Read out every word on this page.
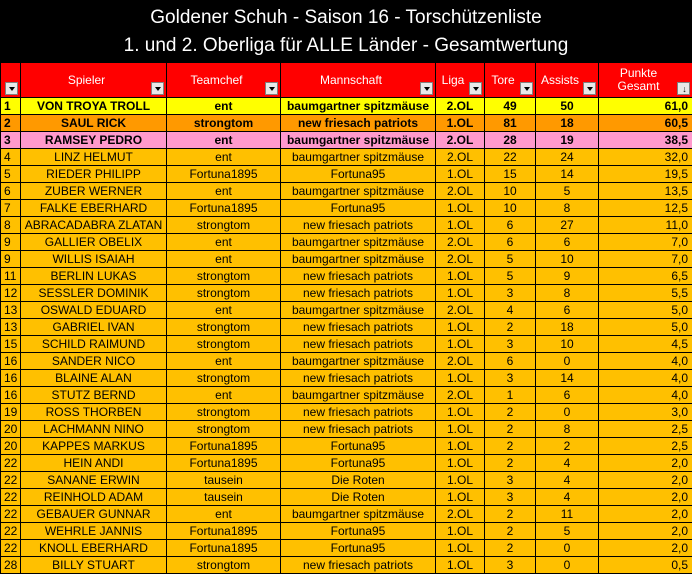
Goldener Schuh - Saison 16 - Torschützenliste
1. und 2. Oberliga für ALLE Länder - Gesamtwertung

	Spieler	Teamchef	Mannschaft	Liga	Tore	Assists	Punkte Gesamt
↓

1	VON TROYA TROLL	ent	baumgartner spitzmäuse	2.OL	49	50	61,0
2	SAUL RICK	strongtom	new friesach patriots	1.OL	81	18	60,5
3	RAMSEY PEDRO	ent	baumgartner spitzmäuse	2.OL	28	19	38,5
4	LINZ HELMUT	ent	baumgartner spitzmäuse	2.OL	22	24	32,0
5	RIEDER PHILIPP	Fortuna1895	Fortuna95	1.OL	15	14	19,5
6	ZUBER WERNER	ent	baumgartner spitzmäuse	2.OL	10	5	13,5
7	FALKE EBERHARD	Fortuna1895	Fortuna95	1.OL	10	8	12,5
8	ABRACADABRA ZLATAN	strongtom	new friesach patriots	1.OL	6	27	11,0
9	GALLIER OBELIX	ent	baumgartner spitzmäuse	2.OL	6	6	7,0
9	WILLIS ISAIAH	ent	baumgartner spitzmäuse	2.OL	5	10	7,0
11	BERLIN LUKAS	strongtom	new friesach patriots	1.OL	5	9	6,5
12	SESSLER DOMINIK	strongtom	new friesach patriots	1.OL	3	8	5,5
13	OSWALD EDUARD	ent	baumgartner spitzmäuse	2.OL	4	6	5,0
13	GABRIEL IVAN	strongtom	new friesach patriots	1.OL	2	18	5,0
15	SCHILD RAIMUND	strongtom	new friesach patriots	1.OL	3	10	4,5
16	SANDER NICO	ent	baumgartner spitzmäuse	2.OL	6	0	4,0
16	BLAINE ALAN	strongtom	new friesach patriots	1.OL	3	14	4,0
16	STUTZ BERND	ent	baumgartner spitzmäuse	2.OL	1	6	4,0
19	ROSS THORBEN	strongtom	new friesach patriots	1.OL	2	0	3,0
20	LACHMANN NINO	strongtom	new friesach patriots	1.OL	2	8	2,5
20	KAPPES MARKUS	Fortuna1895	Fortuna95	1.OL	2	2	2,5
22	HEIN ANDI	Fortuna1895	Fortuna95	1.OL	2	4	2,0
22	SANANE ERWIN	tausein	Die Roten	1.OL	3	4	2,0
22	REINHOLD ADAM	tausein	Die Roten	1.OL	3	4	2,0
22	GEBAUER GUNNAR	ent	baumgartner spitzmäuse	2.OL	2	11	2,0
22	WEHRLE JANNIS	Fortuna1895	Fortuna95	1.OL	2	5	2,0
22	KNOLL EBERHARD	Fortuna1895	Fortuna95	1.OL	2	0	2,0
28	BILLY STUART	strongtom	new friesach patriots	1.OL	3	0	0,5
